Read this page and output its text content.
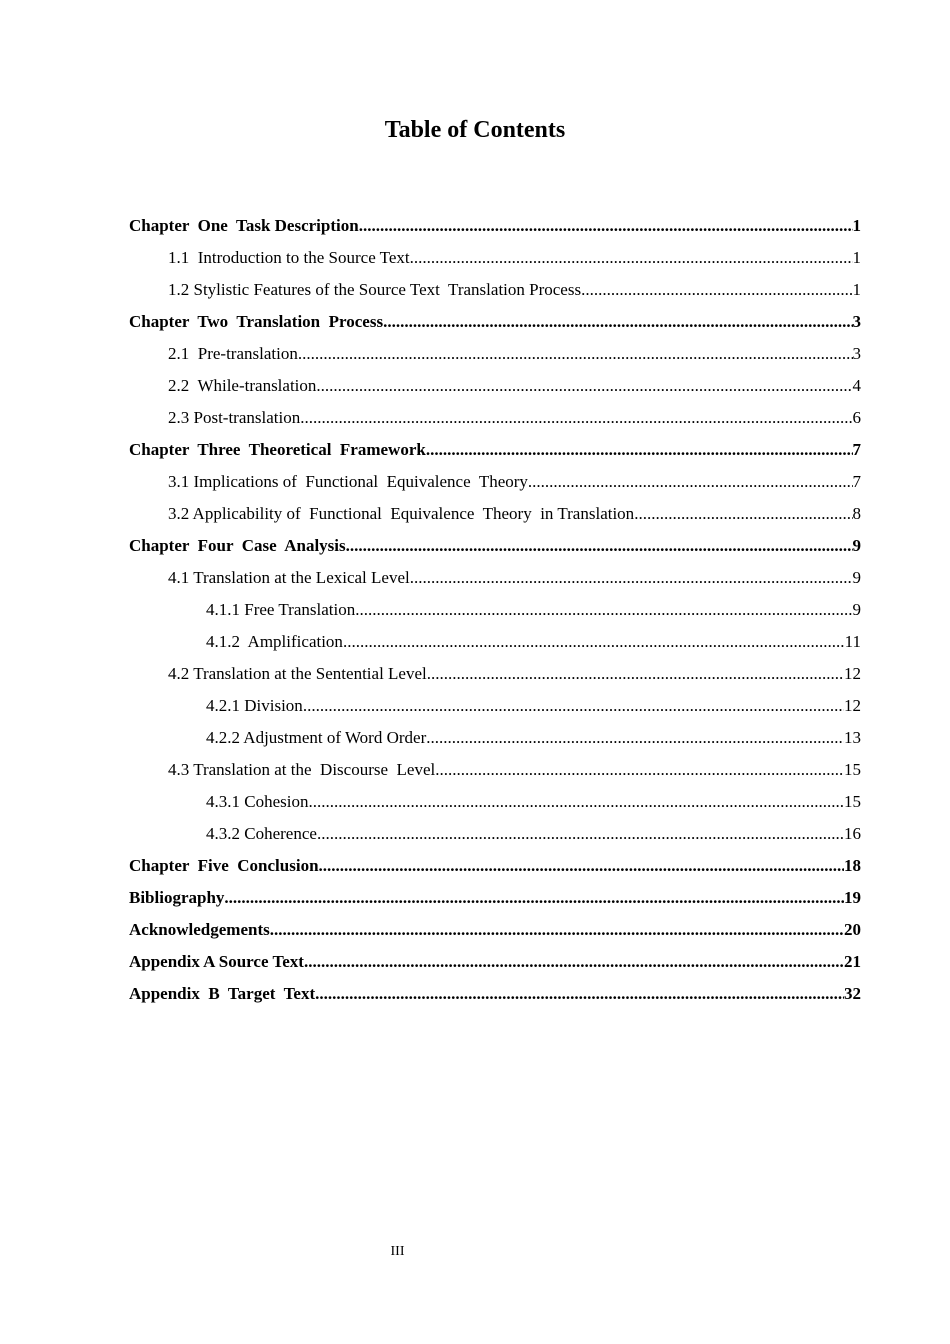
Table of Contents
Chapter  One  Task Description .....	1
1.1  Introduction to the Source Text .....	1
1.2 Stylistic Features of the Source Text  Translation Process .....	1
Chapter  Two  Translation  Process .....	3
2.1  Pre-translation .....	3
2.2  While-translation .....	4
2.3 Post-translation .....	6
Chapter  Three  Theoretical  Framework .....	7
3.1 Implications of  Functional  Equivalence  Theory .....	7
3.2 Applicability of  Functional  Equivalence  Theory  in Translation .....	8
Chapter  Four  Case  Analysis .....	9
4.1 Translation at the Lexical Level .....	9
4.1.1 Free Translation .....	9
4.1.2  Amplification .....	11
4.2 Translation at the Sentential Level .....	12
4.2.1 Division .....	12
4.2.2 Adjustment of Word Order .....	13
4.3 Translation at the  Discourse  Level .....	15
4.3.1 Cohesion .....	15
4.3.2 Coherence .....	16
Chapter  Five  Conclusion .....	18
Bibliography .....	19
Acknowledgements .....	20
Appendix A Source Text .....	21
Appendix  B  Target  Text .....	32
III
